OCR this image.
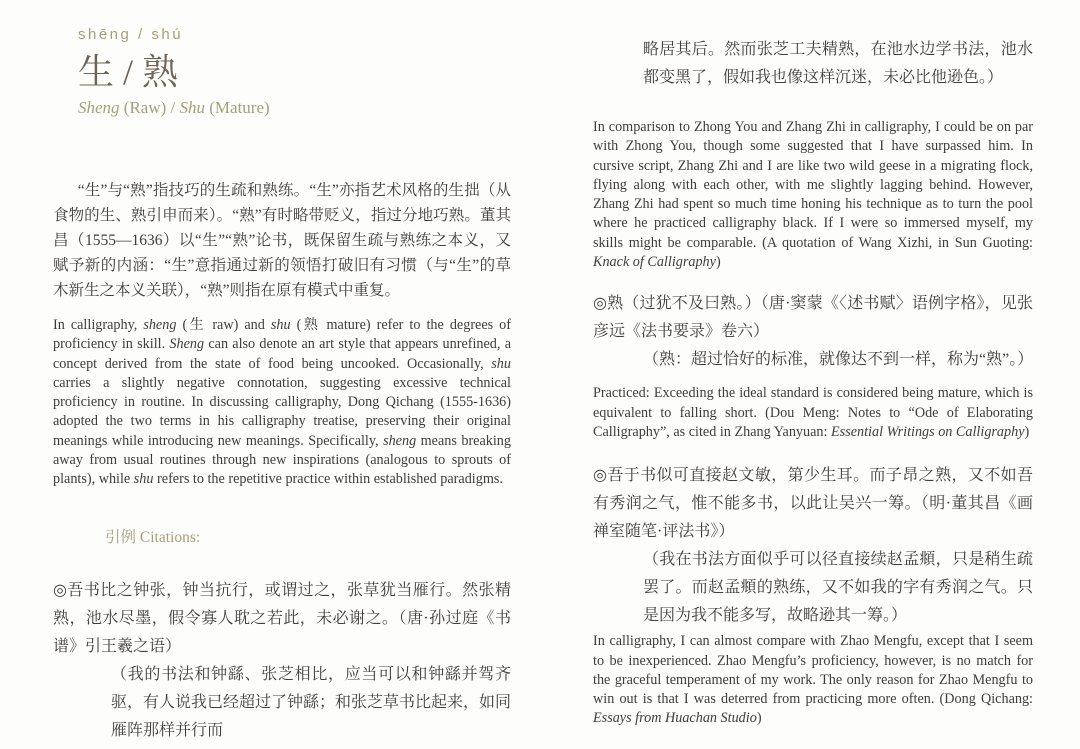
shēng / shú
生 / 熟
Sheng (Raw) / Shu (Mature)

“生”与“熟”指技巧的生疏和熟练。“生”亦指艺术风格的生拙（从食物的生、熟引申而来）。“熟”有时略带贬义，指过分地巧熟。董其昌（1555—1636）以“生”“熟”论书，既保留生疏与熟练之本义，又赋予新的内涵：“生”意指通过新的领悟打破旧有习惯（与“生”的草木新生之本义关联），“熟”则指在原有模式中重复。

In calligraphy, sheng (生 raw) and shu (熟 mature) refer to the degrees of proficiency in skill. Sheng can also denote an art style that appears unrefined, a concept derived from the state of food being uncooked. Occasionally, shu carries a slightly negative connotation, suggesting excessive technical proficiency in routine. In discussing calligraphy, Dong Qichang (1555-1636) adopted the two terms in his calligraphy treatise, preserving their original meanings while introducing new meanings. Specifically, sheng means breaking away from usual routines through new inspirations (analogous to sprouts of plants), while shu refers to the repetitive practice within established paradigms.

引例 Citations:

◎吾书比之钟张，钟当抗行，或谓过之，张草犹当雁行。然张精熟，池水尽墨，假令寡人耽之若此，未必谢之。（唐·孙过庭《书谱》引王羲之语）

（我的书法和钟繇、张芝相比，应当可以和钟繇并驾齐驱，有人说我已经超过了钟繇；和张芝草书比起来，如同雁阵那样并行而

略居其后。然而张芝工夫精熟，在池水边学书法，池水都变黑了，假如我也像这样沉迷，未必比他逊色。）

In comparison to Zhong You and Zhang Zhi in calligraphy, I could be on par with Zhong You, though some suggested that I have surpassed him. In cursive script, Zhang Zhi and I are like two wild geese in a migrating flock, flying along with each other, with me slightly lagging behind. However, Zhang Zhi had spent so much time honing his technique as to turn the pool where he practiced calligraphy black. If I were so immersed myself, my skills might be comparable. (A quotation of Wang Xizhi, in Sun Guoting: Knack of Calligraphy)

◎熟（过犹不及曰熟。）（唐·窦蒙《〈述书赋〉语例字格》，见张彦远《法书要录》卷六）

（熟：超过恰好的标准，就像达不到一样，称为“熟”。）

Practiced: Exceeding the ideal standard is considered being mature, which is equivalent to falling short. (Dou Meng: Notes to “Ode of Elaborating Calligraphy”, as cited in Zhang Yanyuan: Essential Writings on Calligraphy)

◎吾于书似可直接赵文敏，第少生耳。而子昂之熟，又不如吾有秀润之气，惟不能多书，以此让吴兴一筹。（明·董其昌《画禅室随笔·评法书》）

（我在书法方面似乎可以径直接续赵孟頫，只是稍生疏罢了。而赵孟頫的熟练，又不如我的字有秀润之气。只是因为我不能多写，故略逊其一筹。）

In calligraphy, I can almost compare with Zhao Mengfu, except that I seem to be inexperienced. Zhao Mengfu’s proficiency, however, is no match for the graceful temperament of my work. The only reason for Zhao Mengfu to win out is that I was deterred from practicing more often. (Dong Qichang: Essays from Huachan Studio)
